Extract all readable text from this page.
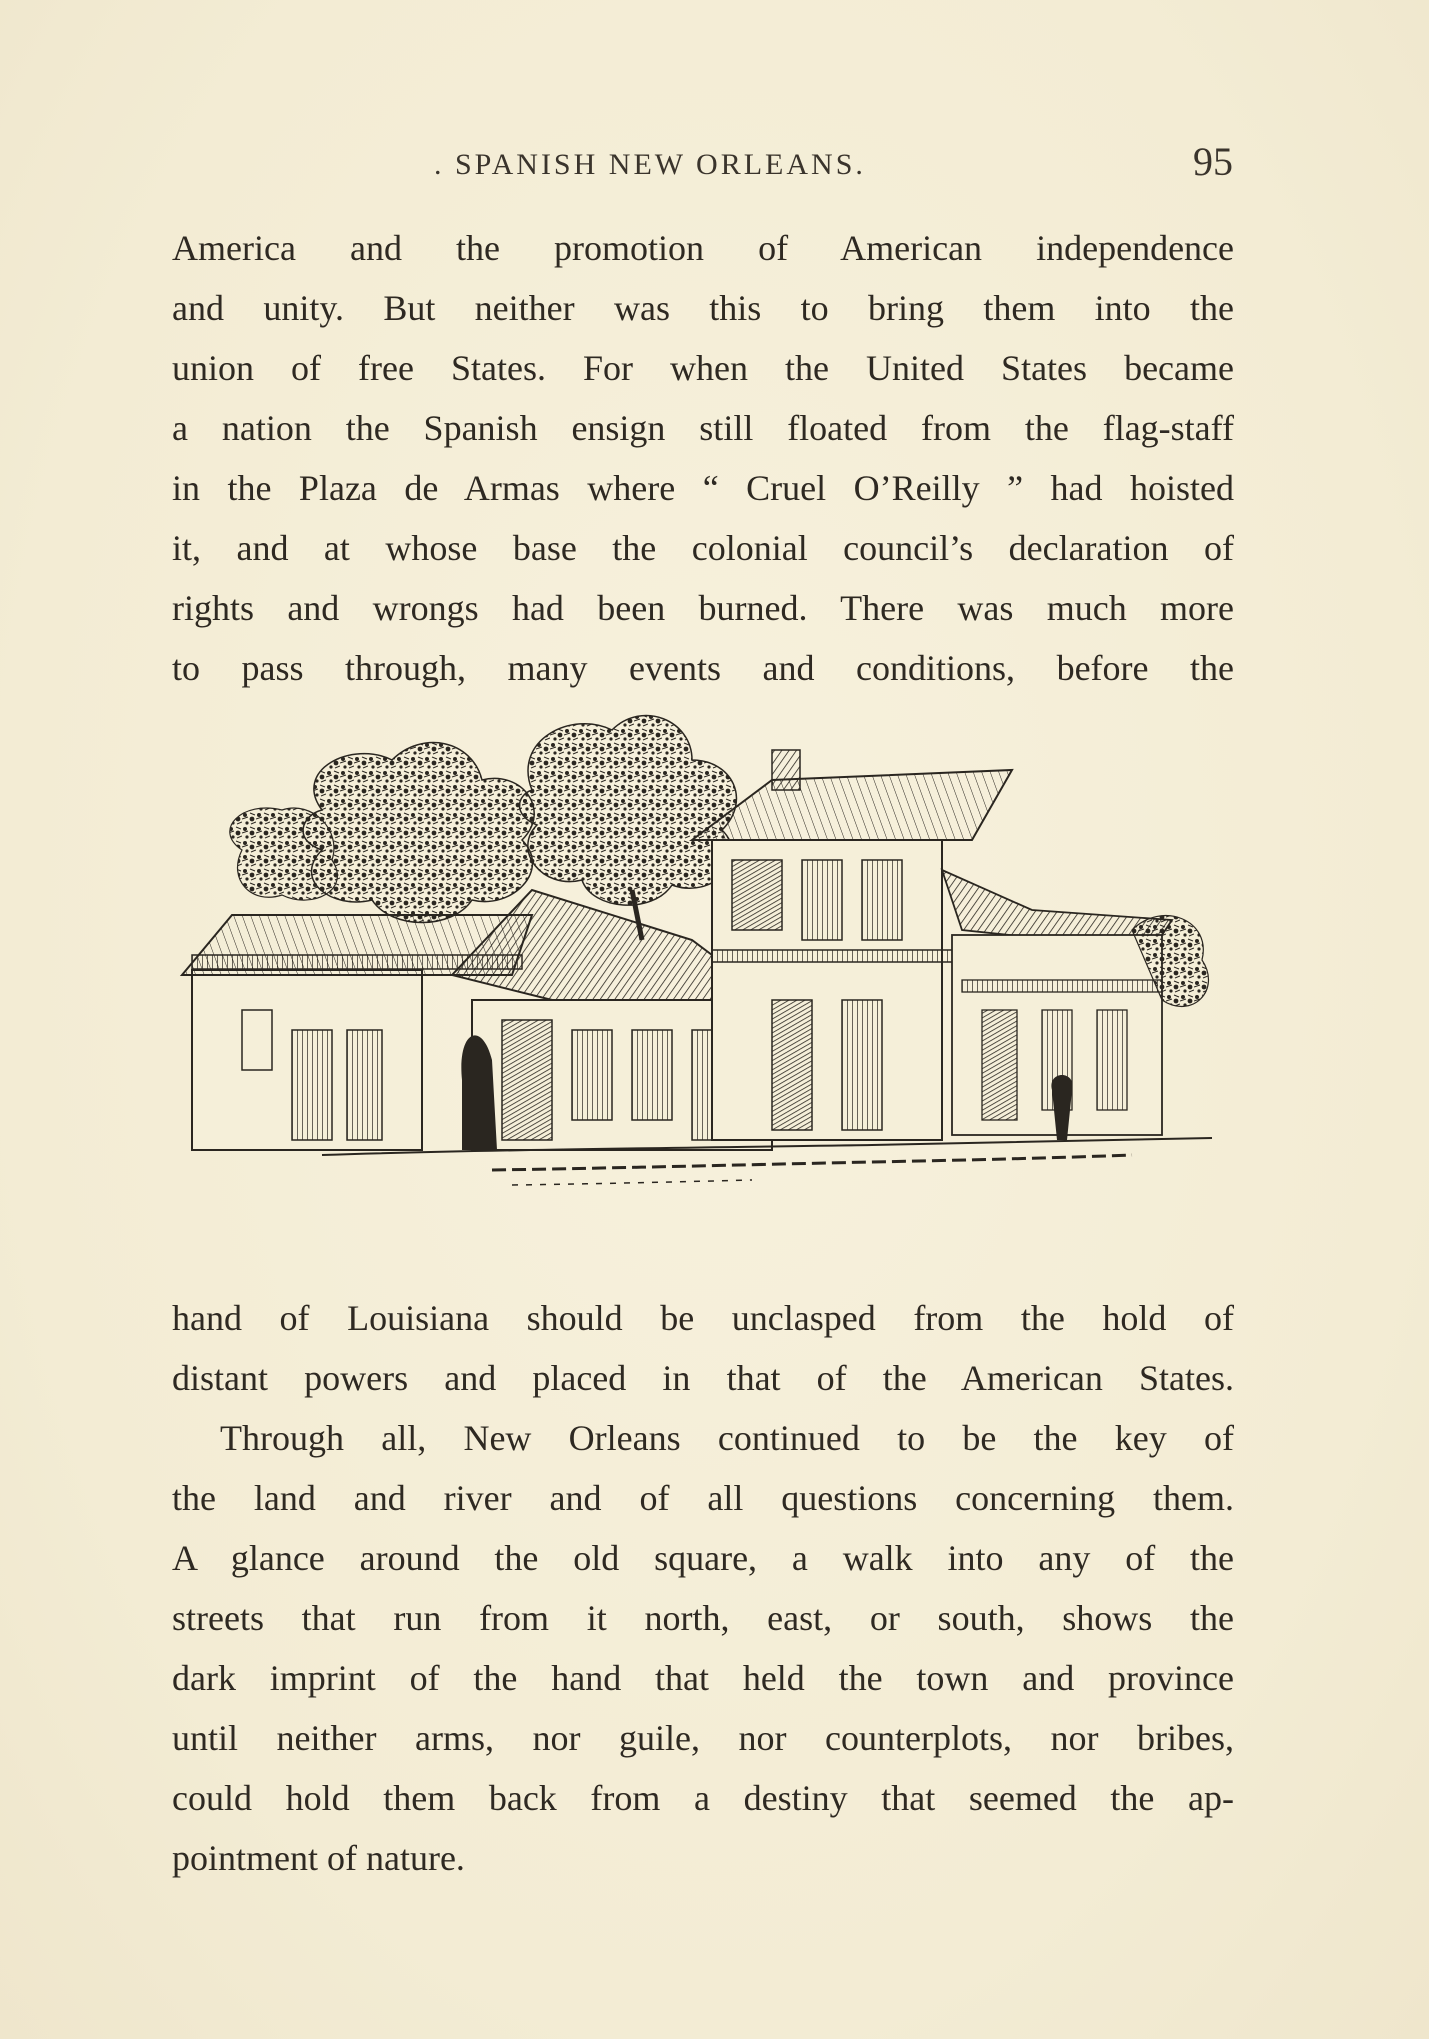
. SPANISH NEW ORLEANS.	95
America and the promotion of American independence
and unity. But neither was this to bring them into the
union of free States. For when the United States became
a nation the Spanish ensign still floated from the flag-staff
in the Plaza de Armas where “ Cruel O’Reilly ” had hoisted
it, and at whose base the colonial council’s declaration of
rights and wrongs had been burned. There was much more
to pass through, many events and conditions, before the
hand of Louisiana should be unclasped from the hold of
distant powers and placed in that of the American States.
Through all, New Orleans continued to be the key of
the land and river and of all questions concerning them.
A glance around the old square, a walk into any of the
streets that run from it north, east, or south, shows the
dark imprint of the hand that held the town and province
until neither arms, nor guile, nor counterplots, nor bribes,
could hold them back from a destiny that seemed the ap-
pointment of nature.
